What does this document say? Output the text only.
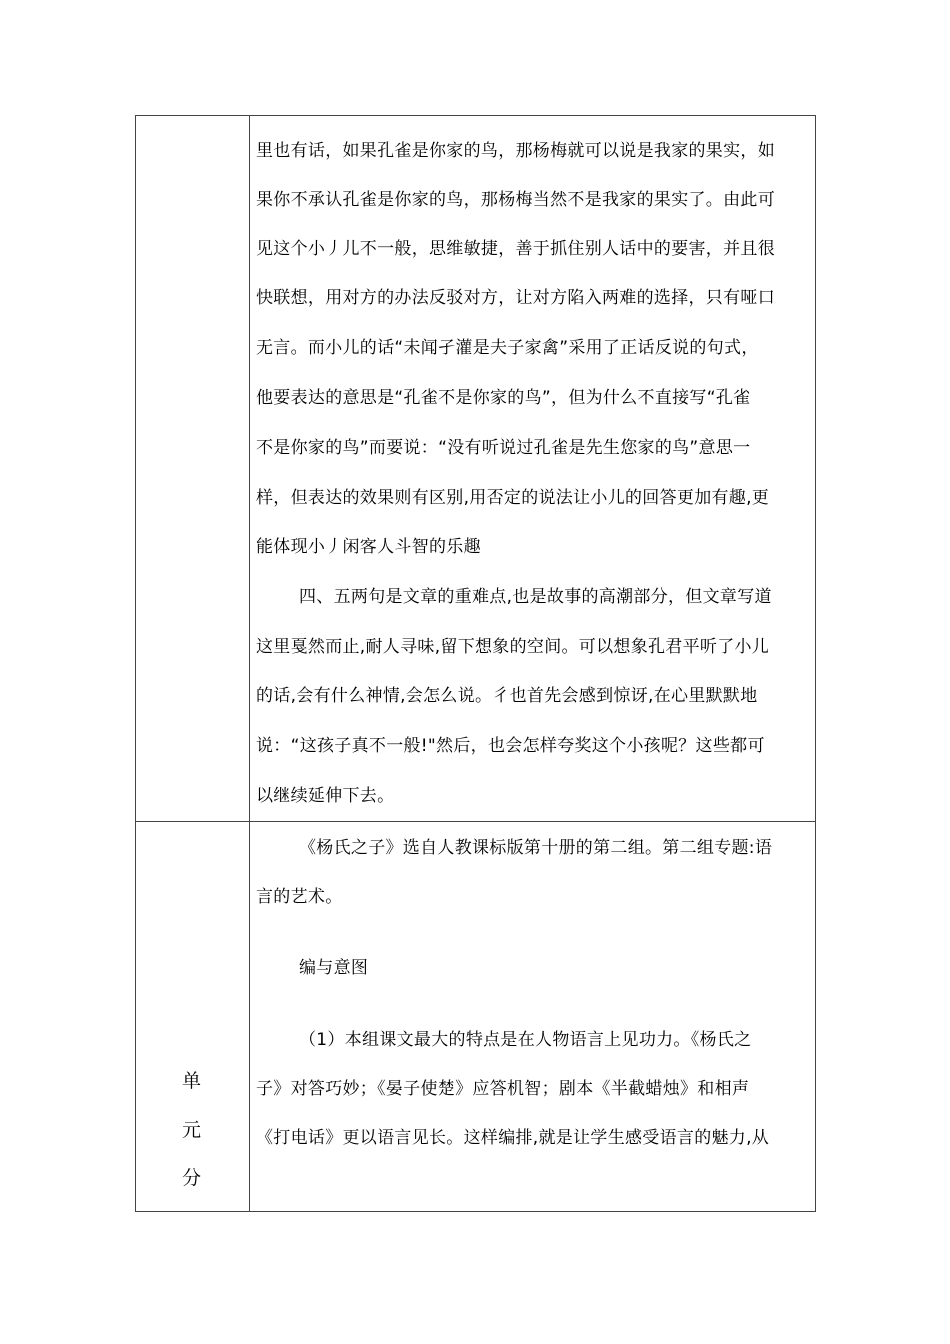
里也有话，如果孔雀是你家的鸟，那杨梅就可以说是我家的果实，如
果你不承认孔雀是你家的鸟，那杨梅当然不是我家的果实了。由此可
见这个小丿儿不一般，思维敏捷，善于抓住别人话中的要害，并且很
快联想，用对方的办法反驳对方，让对方陷入两难的选择，只有哑口
无言。而小儿的话“未闻孑灌是夫子家禽”采用了正话反说的句式，
他要表达的意思是“孔雀不是你家的鸟”，但为什么不直接写“孔雀
不是你家的鸟”而要说：“没有听说过孔雀是先生您家的鸟”意思一
样，但表达的效果则有区别,用否定的说法让小儿的回答更加有趣,更
能体现小丿闲客人斗智的乐趣
四、五两句是文章的重难点,也是故事的高潮部分，但文章写道
这里戛然而止,耐人寻味,留下想象的空间。可以想象孔君平听了小儿
的话,会有什么神情,会怎么说。彳也首先会感到惊讶,在心里默默地
说：“这孩子真不一般!"然后，也会怎样夸奖这个小孩呢？这些都可
以继续延伸下去。
单
元
分
《杨氏之子》选自人教课标版第十册的第二组。第二组专题:语
言的艺术。
编与意图
（1）本组课文最大的特点是在人物语言上见功力。《杨氏之
子》对答巧妙；《晏子使楚》应答机智；剧本《半截蜡烛》和相声
《打电话》更以语言见长。这样编排,就是让学生感受语言的魅力,从
